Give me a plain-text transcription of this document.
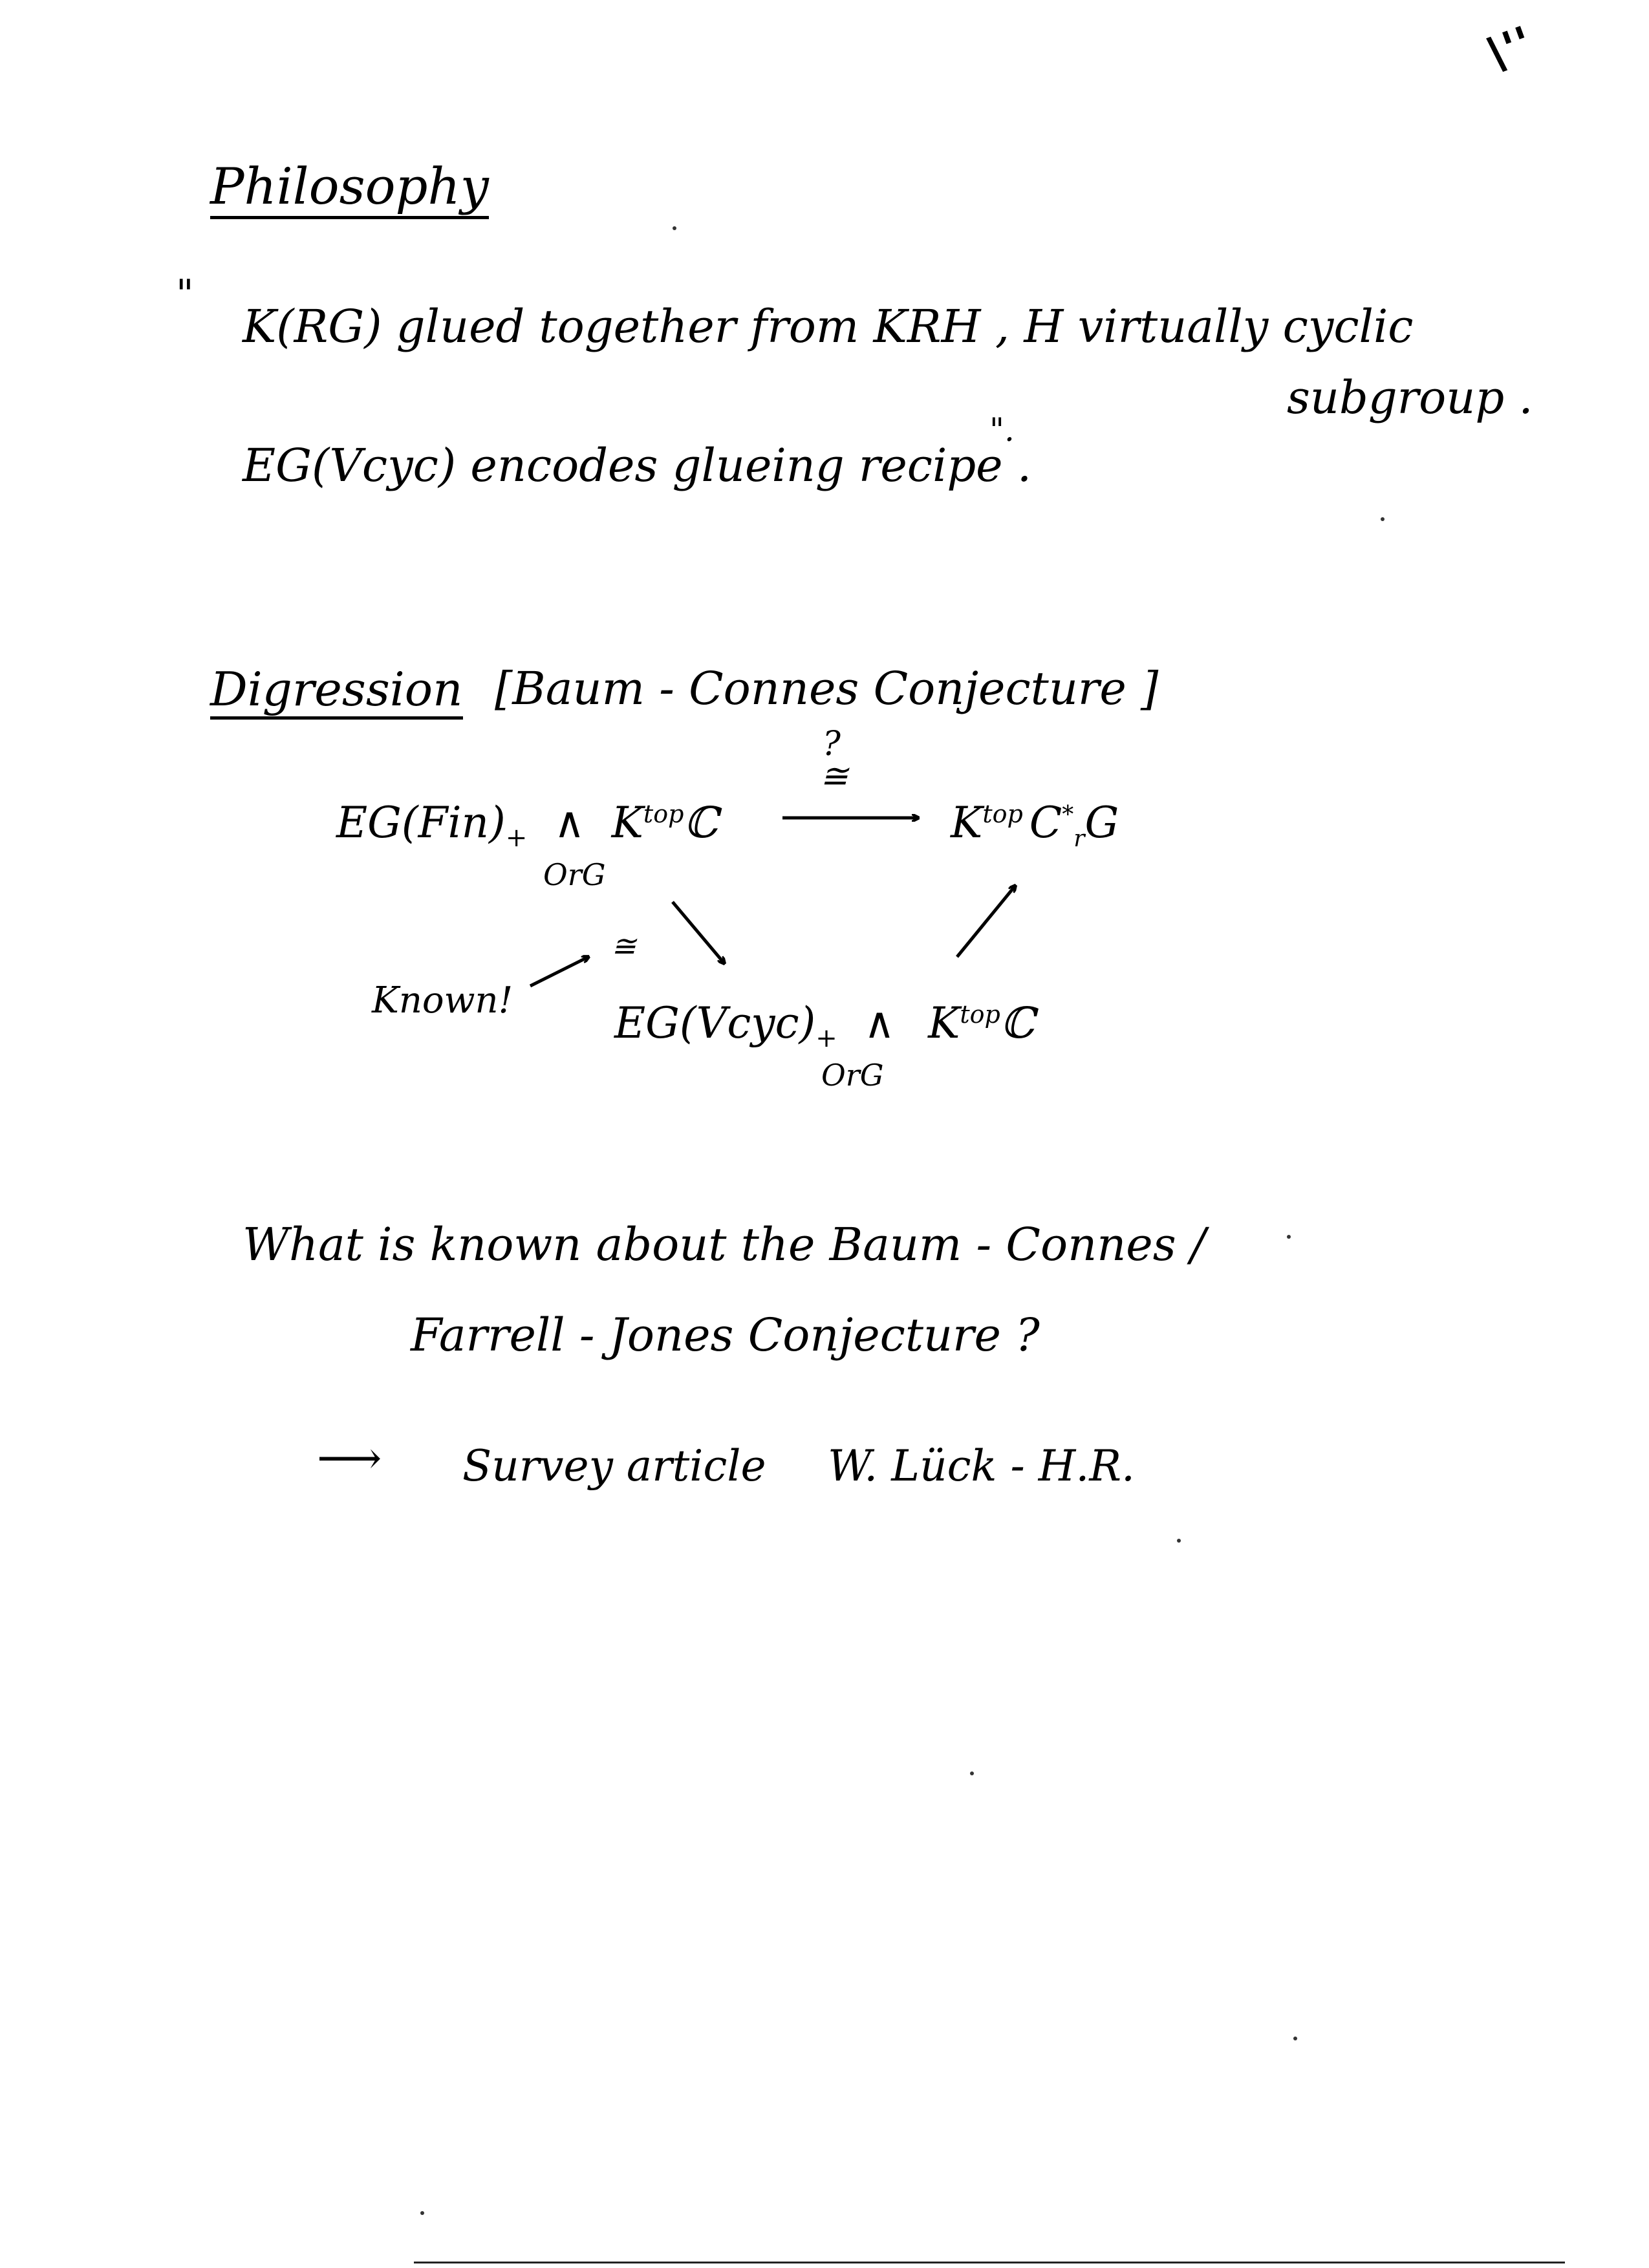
\''
Philosophy
"
K(RG) glued together from KRH , H virtually cyclic
subgroup .
EG(Vcyc) encodes glueing recipe .
".
Digression [Baum - Connes Conjecture ]
?
≅
$EG(Fin)_+$ ∧ $K^{top}ℂ$
OrG
$K^{top}$ $C^*_rG$
≅
Known! $EG(Vcyc)_+$ ∧ $K^{top}ℂ$
OrG
What is known about the Baum - Connes /
Farrell - Jones Conjecture ?
⟶ Survey article W. Lück - H.R.
